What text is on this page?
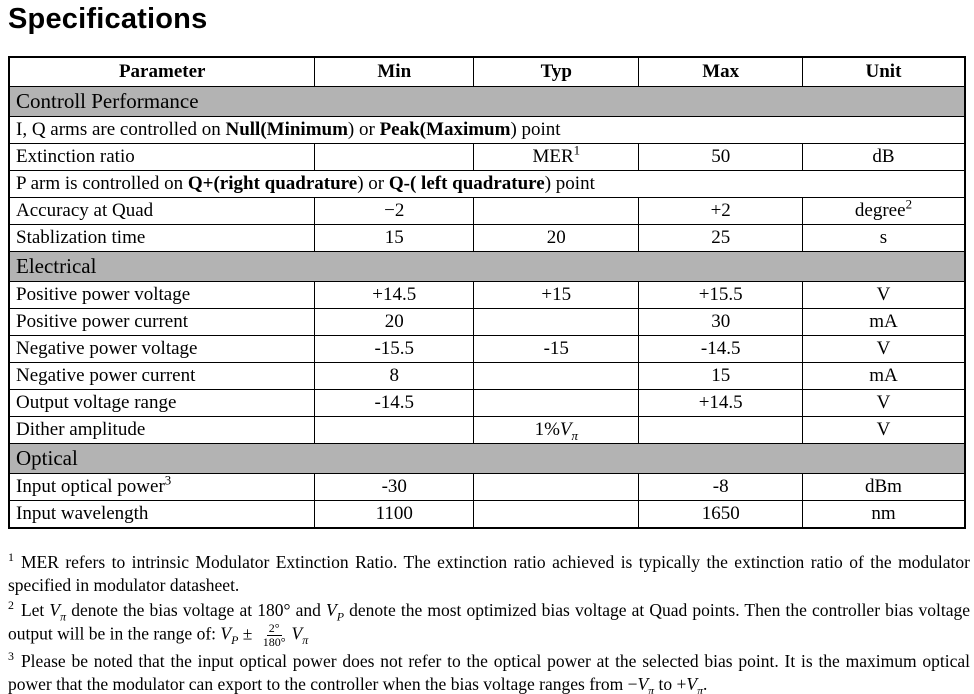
Specifications
Parameter	Min	Typ	Max	Unit
Controll Performance				
I, Q arms are controlled on Null(Minimum) or Peak(Maximum) point				
Extinction ratio		MER$^1$	50	dB
P arm is controlled on Q+(right quadrature) or Q-( left quadrature) point				
Accuracy at Quad	−2		+2	degree$^2$
Stablization time	15	20	25	s
Electrical				
Positive power voltage	+14.5	+15	+15.5	V
Positive power current	20		30	mA
Negative power voltage	-15.5	-15	-14.5	V
Negative power current	8		15	mA
Output voltage range	-14.5		+14.5	V
Dither amplitude		$1\%V_\pi$		V
Optical				
Input optical power$^3$	-30		-8	dBm
Input wavelength	1100		1650	nm

$^1$ MER refers to intrinsic Modulator Extinction Ratio. The extinction ratio achieved is typically the extinction ratio of the modulator specified in modulator datasheet.

$^2$ Let $V_\pi$ denote the bias voltage at 180° and $V_P$ denote the most optimized bias voltage at Quad points. Then the controller bias voltage output will be in the range of: $V_P \pm \frac{2^\circ}{180^\circ} V_\pi$

$^3$ Please be noted that the input optical power does not refer to the optical power at the selected bias point. It is the maximum optical power that the modulator can export to the controller when the bias voltage ranges from $-V_\pi$ to $+V_\pi$.
